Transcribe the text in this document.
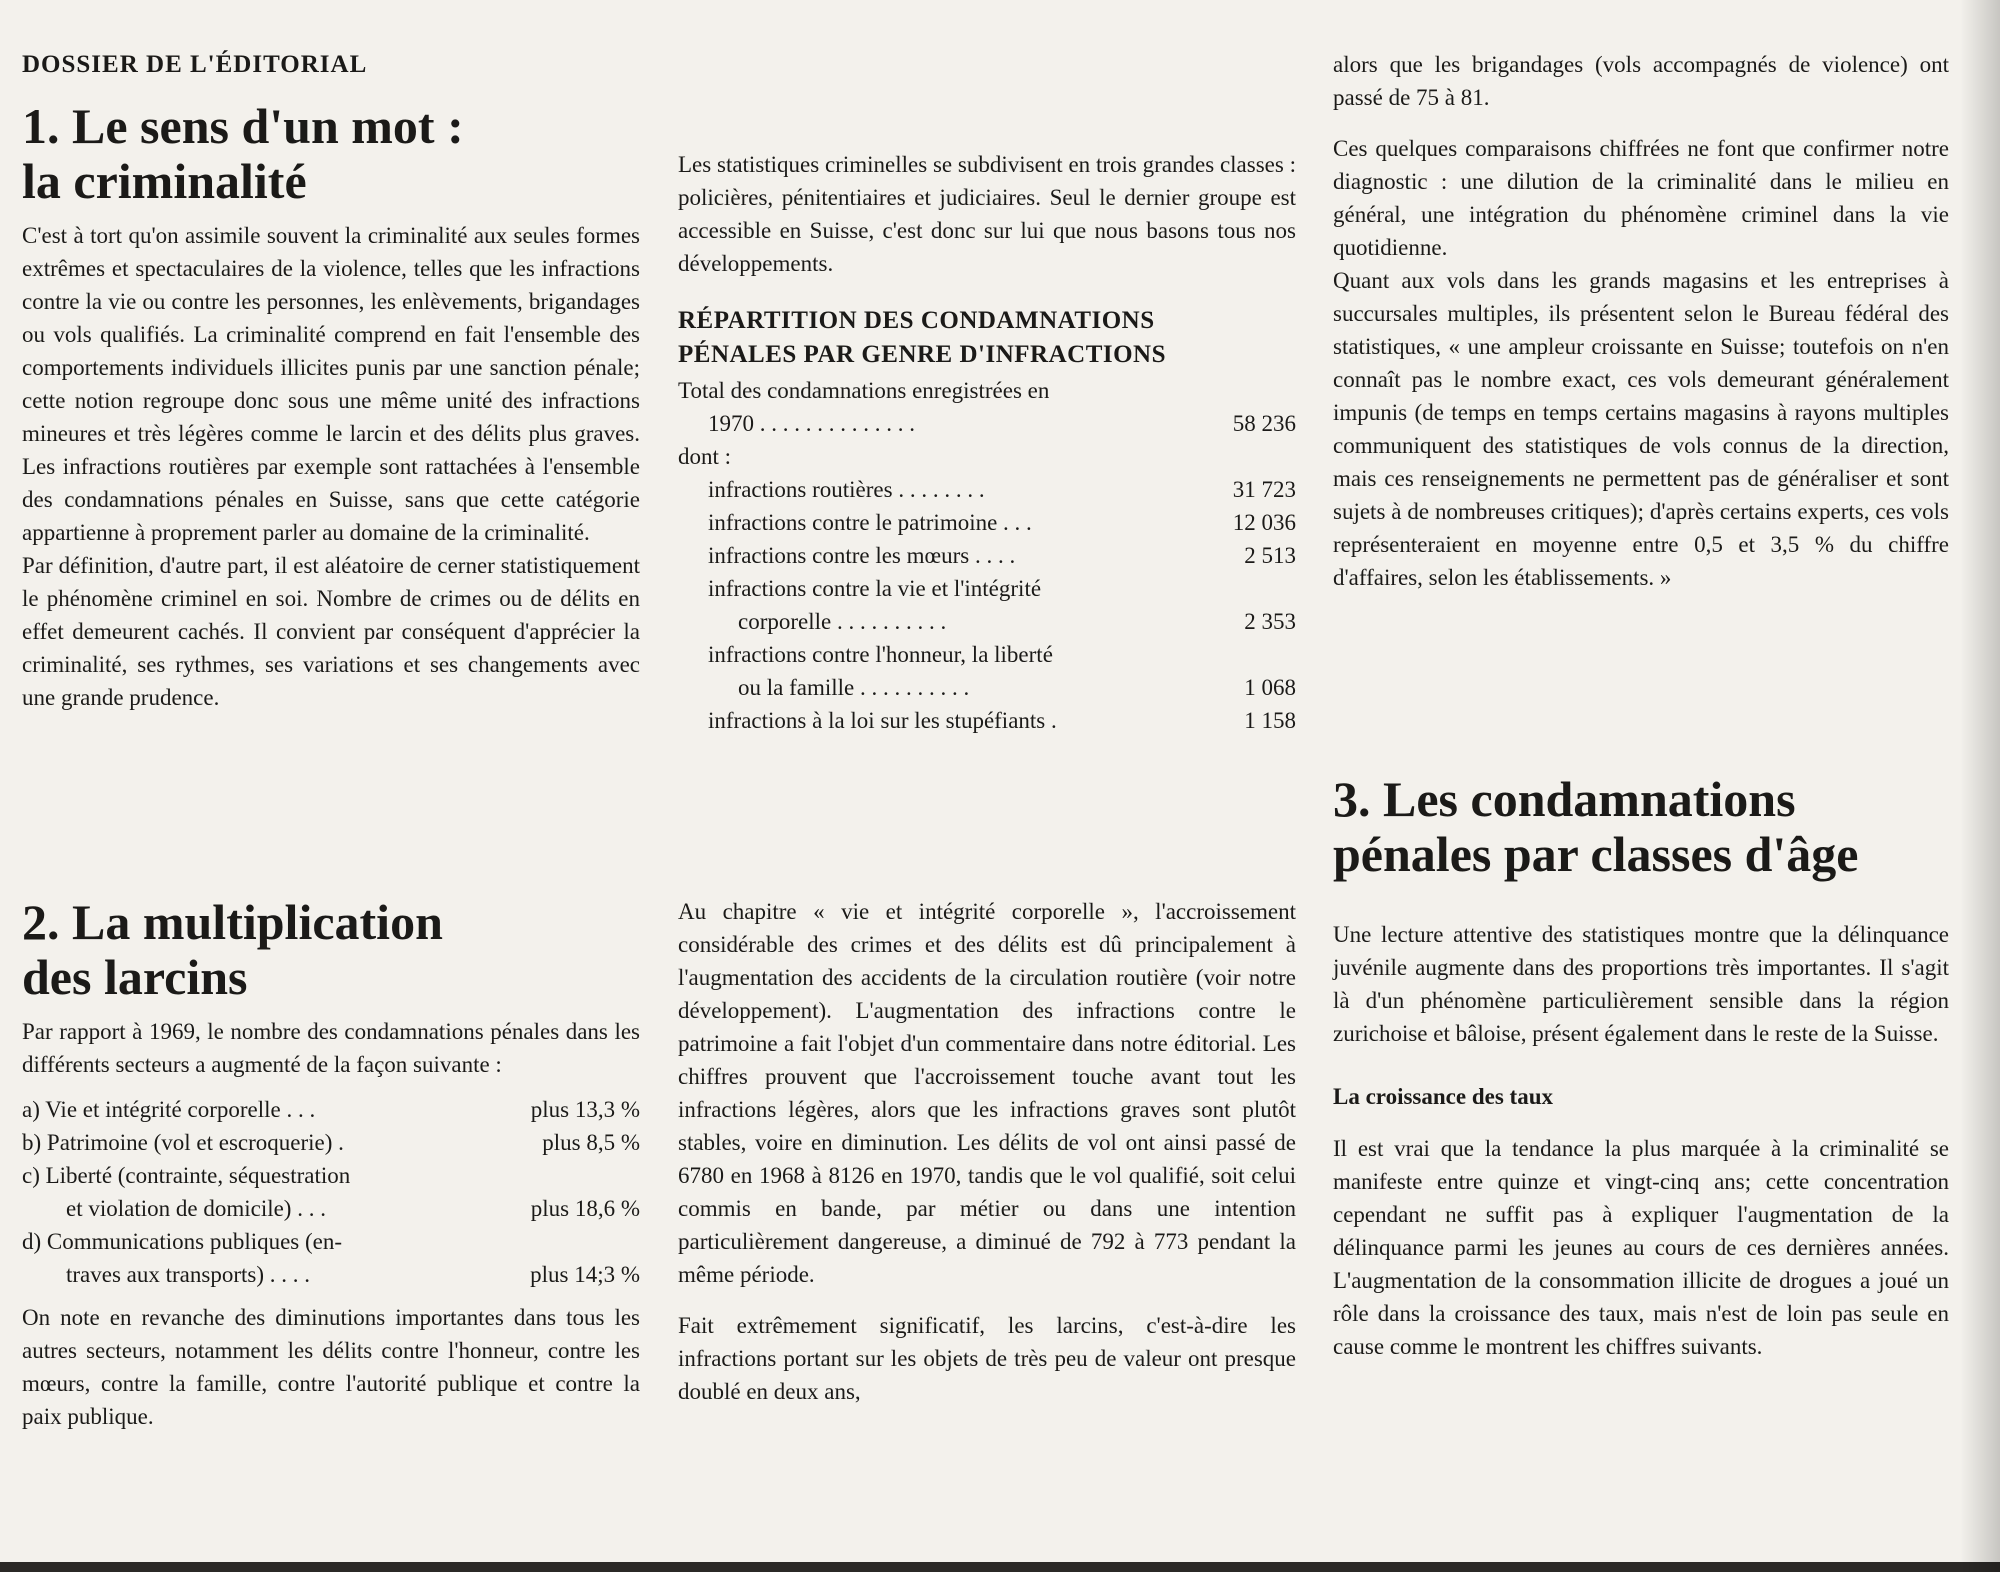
DOSSIER DE L'ÉDITORIAL

1. Le sens d'un mot :
la criminalité

C'est à tort qu'on assimile souvent la criminalité aux seules formes extrêmes et spectaculaires de la violence, telles que les infractions contre la vie ou contre les personnes, les enlèvements, brigandages ou vols qualifiés. La criminalité comprend en fait l'ensemble des comportements individuels illicites punis par une sanction pénale; cette notion regroupe donc sous une même unité des infractions mineures et très légères comme le larcin et des délits plus graves. Les infractions routières par exemple sont rattachées à l'ensemble des condamnations pénales en Suisse, sans que cette catégorie appartienne à proprement parler au domaine de la criminalité.

Par définition, d'autre part, il est aléatoire de cerner statistiquement le phénomène criminel en soi. Nombre de crimes ou de délits en effet demeurent cachés. Il convient par conséquent d'apprécier la criminalité, ses rythmes, ses variations et ses changements avec une grande prudence.

Les statistiques criminelles se subdivisent en trois grandes classes : policières, pénitentiaires et judiciaires. Seul le dernier groupe est accessible en Suisse, c'est donc sur lui que nous basons tous nos développements.

RÉPARTITION DES CONDAMNATIONS
PÉNALES PAR GENRE D'INFRACTIONS

Total des condamnations enregistrées en
1970 . . . . . . . . . . . . . .	58 236
dont :
infractions routières . . . . . . . .	31 723
infractions contre le patrimoine . . .	12 036
infractions contre les mœurs . . . .	2 513
infractions contre la vie et l'intégrité
corporelle . . . . . . . . . .	2 353
infractions contre l'honneur, la liberté
ou la famille . . . . . . . . . .	1 068
infractions à la loi sur les stupéfiants .	1 158

alors que les brigandages (vols accompagnés de violence) ont passé de 75 à 81.

Ces quelques comparaisons chiffrées ne font que confirmer notre diagnostic : une dilution de la criminalité dans le milieu en général, une intégration du phénomène criminel dans la vie quotidienne.

Quant aux vols dans les grands magasins et les entreprises à succursales multiples, ils présentent selon le Bureau fédéral des statistiques, « une ampleur croissante en Suisse; toutefois on n'en connaît pas le nombre exact, ces vols demeurant généralement impunis (de temps en temps certains magasins à rayons multiples communiquent des statistiques de vols connus de la direction, mais ces renseignements ne permettent pas de généraliser et sont sujets à de nombreuses critiques); d'après certains experts, ces vols représenteraient en moyenne entre 0,5 et 3,5 % du chiffre d'affaires, selon les établissements. »

3. Les condamnations
pénales par classes d'âge
2. La multiplication
des larcins

Par rapport à 1969, le nombre des condamnations pénales dans les différents secteurs a augmenté de la façon suivante :

a) Vie et intégrité corporelle . . .	plus 13,3 %
b) Patrimoine (vol et escroquerie) .	plus 8,5 %
c) Liberté (contrainte, séquestration
et violation de domicile) . . .	plus 18,6 %
d) Communications publiques (en-
traves aux transports) . . . .	plus 14;3 %

On note en revanche des diminutions importantes dans tous les autres secteurs, notamment les délits contre l'honneur, contre les mœurs, contre la famille, contre l'autorité publique et contre la paix publique.

Au chapitre « vie et intégrité corporelle », l'accroissement considérable des crimes et des délits est dû principalement à l'augmentation des accidents de la circulation routière (voir notre développement). L'augmentation des infractions contre le patrimoine a fait l'objet d'un commentaire dans notre éditorial. Les chiffres prouvent que l'accroissement touche avant tout les infractions légères, alors que les infractions graves sont plutôt stables, voire en diminution. Les délits de vol ont ainsi passé de 6780 en 1968 à 8126 en 1970, tandis que le vol qualifié, soit celui commis en bande, par métier ou dans une intention particulièrement dangereuse, a diminué de 792 à 773 pendant la même période.

Fait extrêmement significatif, les larcins, c'est-à-dire les infractions portant sur les objets de très peu de valeur ont presque doublé en deux ans,

Une lecture attentive des statistiques montre que la délinquance juvénile augmente dans des proportions très importantes. Il s'agit là d'un phénomène particulièrement sensible dans la région zurichoise et bâloise, présent également dans le reste de la Suisse.

La croissance des taux

Il est vrai que la tendance la plus marquée à la criminalité se manifeste entre quinze et vingt-cinq ans; cette concentration cependant ne suffit pas à expliquer l'augmentation de la délinquance parmi les jeunes au cours de ces dernières années. L'augmentation de la consommation illicite de drogues a joué un rôle dans la croissance des taux, mais n'est de loin pas seule en cause comme le montrent les chiffres suivants.
